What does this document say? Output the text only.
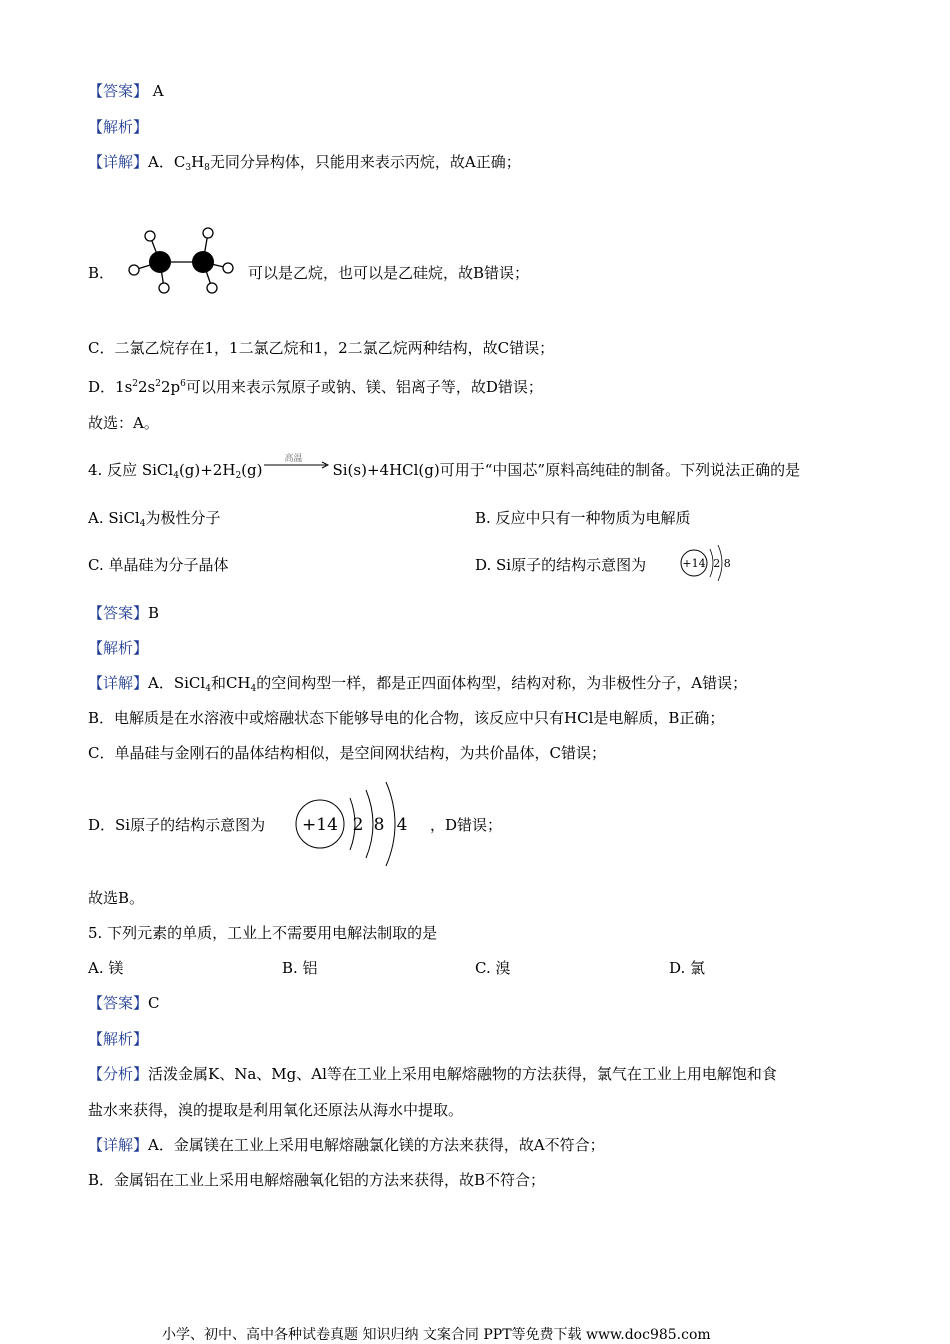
【答案】 A
【解析】
【详解】A．$C_3H_8$无同分异构体，只能用来表示丙烷，故A正确；
B．	可以是乙烷，也可以是乙硅烷，故B错误；
C．二氯乙烷存在1，1二氯乙烷和1，2二氯乙烷两种结构，故C错误；
D．$1s^22s^22p^6$可以用来表示氖原子或钠、镁、铝离子等，故D错误；
故选：A。
4. 反应 $SiCl_4(g)+2H_2(g)$
高温
Si(s)+4HCl(g)可用于“中国芯”原料高纯硅的制备。下列说法正确的是
A. SiCl$_4$为极性分子	B. 反应中只有一种物质为电解质
C. 单晶硅为分子晶体	D. Si原子的结构示意图为	+14 2 8
【答案】B
【解析】
【详解】A．SiCl$_4$和$CH_4$的空间构型一样，都是正四面体构型，结构对称，为非极性分子，A错误；
B．电解质是在水溶液中或熔融状态下能够导电的化合物，该反应中只有HCl是电解质，B正确；
C．单晶硅与金刚石的晶体结构相似，是空间网状结构，为共价晶体，C错误；
D．Si原子的结构示意图为 +14 2 8 4 ，D错误；
故选B。
5. 下列元素的单质，工业上不需要用电解法制取的是
A. 镁	B. 铝	C. 溴	D. 氯
【答案】C
【解析】
【分析】活泼金属K、Na、Mg、Al等在工业上采用电解熔融物的方法获得，氯气在工业上用电解饱和食
盐水来获得，溴的提取是利用氧化还原法从海水中提取。
【详解】A．金属镁在工业上采用电解熔融氯化镁的方法来获得，故A不符合；
B．金属铝在工业上采用电解熔融氧化铝的方法来获得，故B不符合；
小学、初中、高中各种试卷真题 知识归纳 文案合同 PPT等免费下载 www.doc985.com
